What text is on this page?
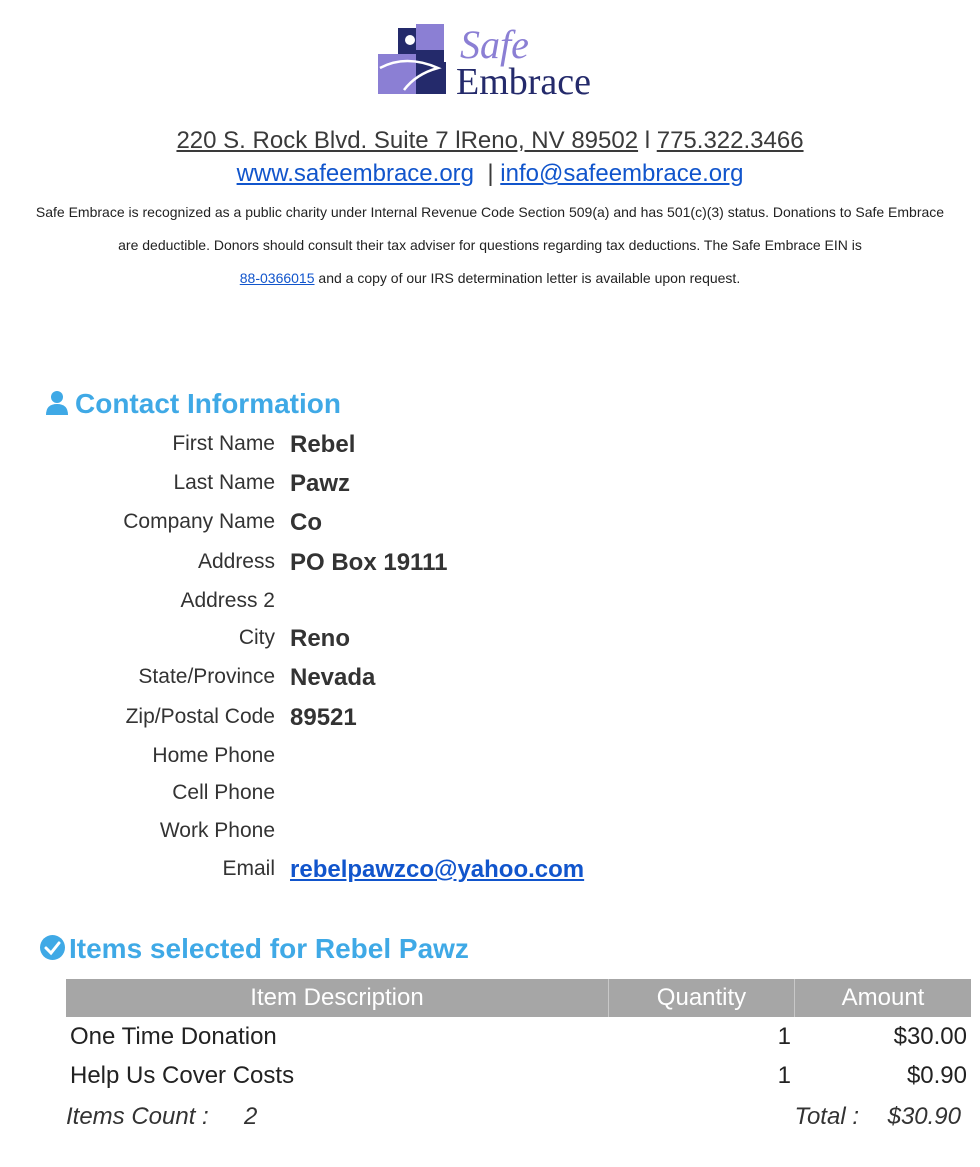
Safe
Embrace
220 S. Rock Blvd. Suite 7 lReno, NV 89502 l 775.322.3466
www.safeembrace.org | info@safeembrace.org
Safe Embrace is recognized as a public charity under Internal Revenue Code Section 509(a) and has 501(c)(3) status. Donations to Safe Embrace are deductible. Donors should consult their tax adviser for questions regarding tax deductions. The Safe Embrace EIN is
88-0366015 and a copy of our IRS determination letter is available upon request.
Contact Information
First Name Rebel
Last Name Pawz
Company Name Co
Address PO Box 19111
Address 2
City Reno
State/Province Nevada
Zip/Postal Code 89521
Home Phone
Cell Phone
Work Phone
Email rebelpawzco@yahoo.com
Items selected for Rebel Pawz
Item Description	Quantity	Amount
One Time Donation	1	$30.00
Help Us Cover Costs	1	$0.90
Items Count : 2	Total : $30.90
